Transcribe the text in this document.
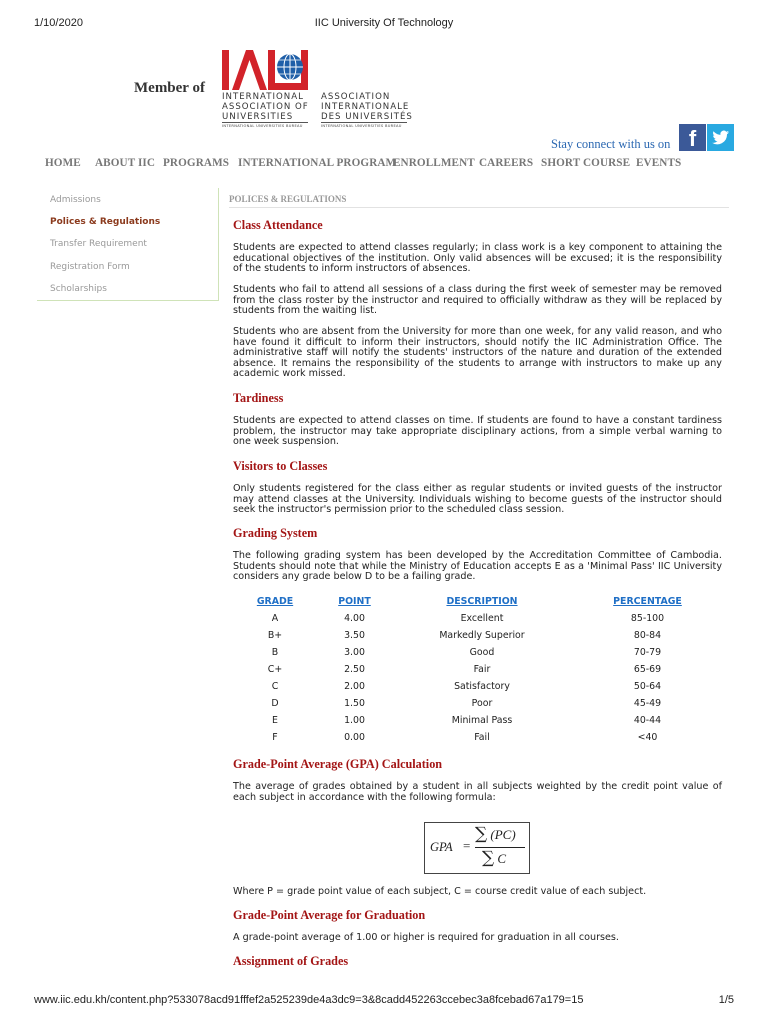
1/10/2020	IIC University Of Technology
Member of
INTERNATIONAL
ASSOCIATION OF
UNIVERSITIES
ASSOCIATION
INTERNATIONALE
DES UNIVERSITÉS
INTERNATIONAL UNIVERSITIES BUREAU	INTERNATIONAL UNIVERSITIES BUREAU
Stay connect with us on f
HOME ABOUT IIC PROGRAMS INTERNATIONAL PROGRAM
ENROLLMENT CAREERS SHORT COURSE EVENTS
Admissions
Polices & Regulations
Transfer Requirement
Registration Form
Scholarships
POLICES & REGULATIONS
Class Attendance
Students are expected to attend classes regularly; in class work is a key component to attaining the educational objectives of the institution. Only valid absences will be excused; it is the responsibility of the students to inform instructors of absences.
Students who fail to attend all sessions of a class during the first week of semester may be removed from the class roster by the instructor and required to officially withdraw as they will be replaced by students from the waiting list.
Students who are absent from the University for more than one week, for any valid reason, and who have found it difficult to inform their instructors, should notify the IIC Administration Office. The administrative staff will notify the students' instructors of the nature and duration of the extended absence. It remains the responsibility of the students to arrange with instructors to make up any academic work missed.
Tardiness
Students are expected to attend classes on time. If students are found to have a constant tardiness problem, the instructor may take appropriate disciplinary actions, from a simple verbal warning to one week suspension.
Visitors to Classes
Only students registered for the class either as regular students or invited guests of the instructor may attend classes at the University. Individuals wishing to become guests of the instructor should seek the instructor's permission prior to the scheduled class session.
Grading System
The following grading system has been developed by the Accreditation Committee of Cambodia. Students should note that while the Ministry of Education accepts E as a 'Minimal Pass' IIC University considers any grade below D to be a failing grade.
GRADE	POINT	DESCRIPTION	PERCENTAGE
A	4.00	Excellent	85-100
B+	3.50	Markedly Superior	80-84
B	3.00	Good	70-79
C+	2.50	Fair	65-69
C	2.00	Satisfactory	50-64
D	1.50	Poor	45-49
E	1.00	Minimal Pass	40-44
F	0.00	Fail	<40
Grade-Point Average (GPA) Calculation
The average of grades obtained by a student in all subjects weighted by the credit point value of each subject in accordance with the following formula:
GPA =
∑ (PC)
∑ C
Where P = grade point value of each subject, C = course credit value of each subject.
Grade-Point Average for Graduation
A grade-point average of 1.00 or higher is required for graduation in all courses.
Assignment of Grades
www.iic.edu.kh/content.php?533078acd91fffef2a525239de4a3dc9=3&8cadd452263ccebec3a8fcebad67a179=15	1/5
